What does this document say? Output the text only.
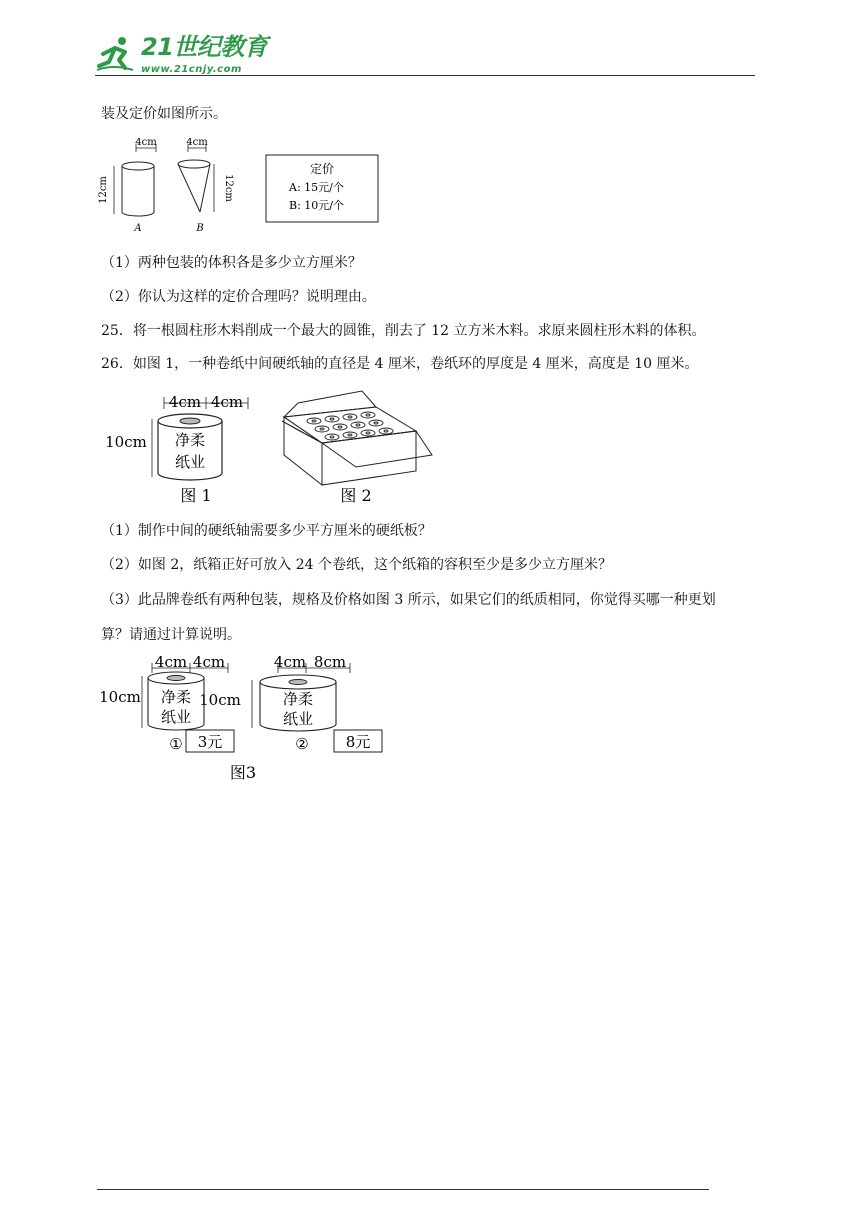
21世纪教育
www.21cnjy.com
装及定价如图所示。
4cm
12cm
A
4cm
12cm
B
定价
A: 15元/个
B: 10元/个
（1）两种包装的体积各是多少立方厘米？
（2）你认为这样的定价合理吗？说明理由。
25．将一根圆柱形木料削成一个最大的圆锥，削去了 12 立方米木料。求原来圆柱形木料的体积。
26．如图 1，一种卷纸中间硬纸轴的直径是 4 厘米，卷纸环的厚度是 4 厘米，高度是 10 厘米。
4cm 4cm
10cm 净柔
纸业
图 1	图 2
（1）制作中间的硬纸轴需要多少平方厘米的硬纸板？
（2）如图 2，纸箱正好可放入 24 个卷纸，这个纸箱的容积至少是多少立方厘米？
（3）此品牌卷纸有两种包装，规格及价格如图 3 所示，如果它们的纸质相同，你觉得买哪一种更划
算？请通过计算说明。
4cm 4cm
10cm 净柔
纸业
① 3元
10cm
4cm 8cm
净柔
纸业
② 8元
图3
